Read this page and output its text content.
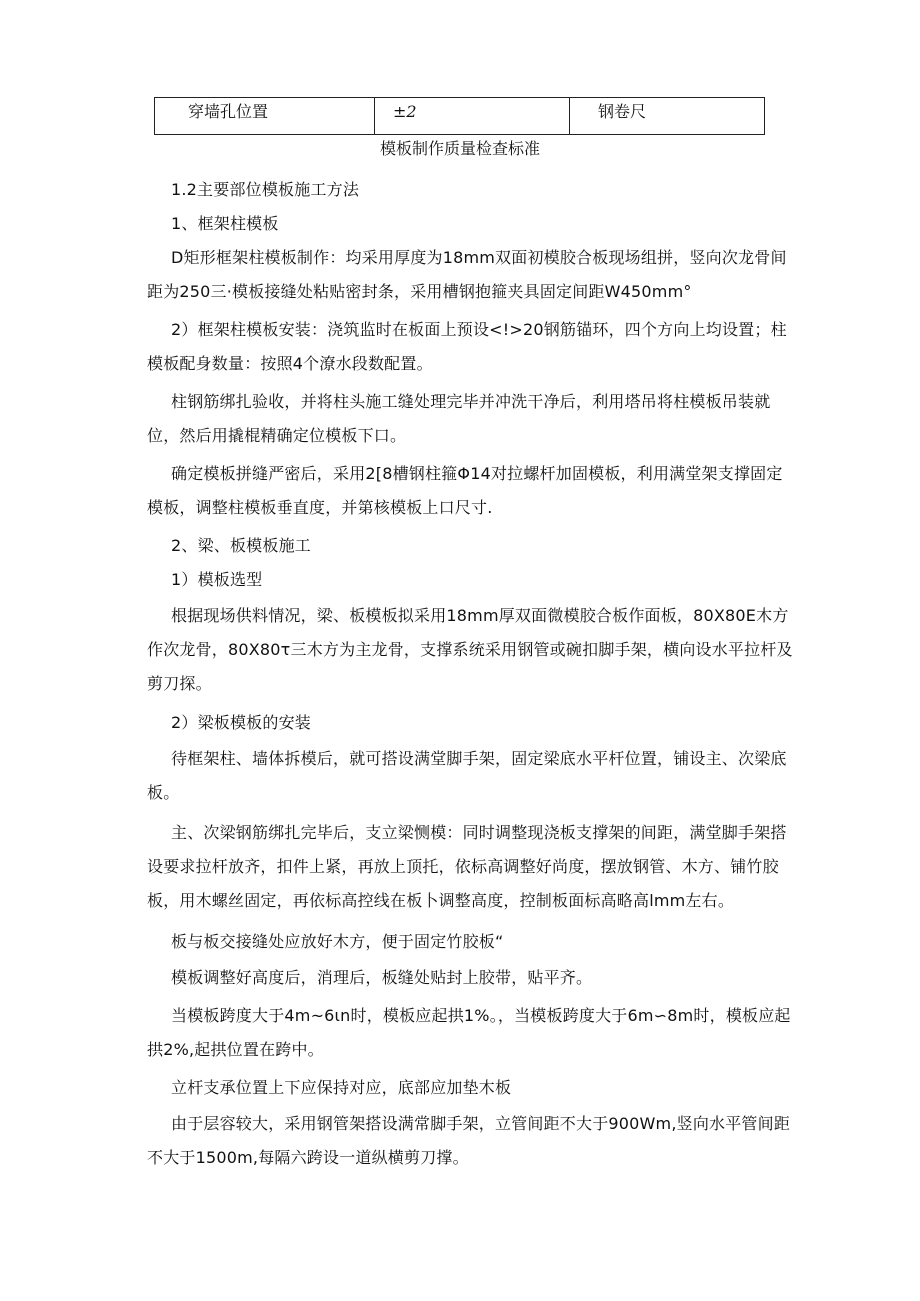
穿墙孔位置	±2	钢卷尺
模板制作质量检查标准
1.2主要部位模板施工方法
1、框架柱模板
D矩形框架柱模板制作：均采用厚度为18mm双面初模胶合板现场组拼，竖向次龙骨间距为250三·模板接缝处粘贴密封条，采用槽钢抱箍夹具固定间距W450mm°
2）框架柱模板安装：浇筑监时在板面上预设<!>20钢筋锚环，四个方向上均设置；柱模板配身数量：按照4个潦水段数配置。
柱钢筋绑扎验收，并将柱头施工缝处理完毕并冲洗干净后，利用塔吊将柱模板吊装就位，然后用撬棍精确定位模板下口。
确定模板拼缝严密后，采用2[8槽钢柱箍Φ14对拉螺杆加固模板，利用满堂架支撑固定模板，调整柱模板垂直度，并第核模板上口尺寸.
2、梁、板模板施工
1）模板选型
根据现场供料情况，梁、板模板拟采用18mm厚双面微模胶合板作面板，80X80E木方作次龙骨，80X80τ三木方为主龙骨，支撑系统采用钢管或碗扣脚手架，横向设水平拉杆及剪刀探。
2）梁板模板的安装
待框架柱、墙体拆模后，就可搭设满堂脚手架，固定梁底水平杆位置，铺设主、次梁底板。
主、次梁钢筋绑扎完毕后，支立梁恻模：同时调整现浇板支撑架的间距，满堂脚手架搭设要求拉杆放齐，扣件上紧，再放上顶托，依标高调整好尚度，摆放钢管、木方、铺竹胶板，用木螺丝固定，再依标高控线在板卜调整高度，控制板面标高略高lmm左右。
板与板交接缝处应放好木方，便于固定竹胶板“
模板调整好高度后，消理后，板缝处贴封上胶带，贴平齐。
当模板跨度大于4m~6ιn时，模板应起拱1%。，当模板跨度大于6m∽8m时，模板应起拱2%,起拱位置在跨中。
立杆支承位置上下应保持对应，底部应加垫木板
由于层容较大，采用钢管架搭设满常脚手架，立管间距不大于900Wm,竖向水平管间距不大于1500m,每隔六跨设一道纵横剪刀撑。
